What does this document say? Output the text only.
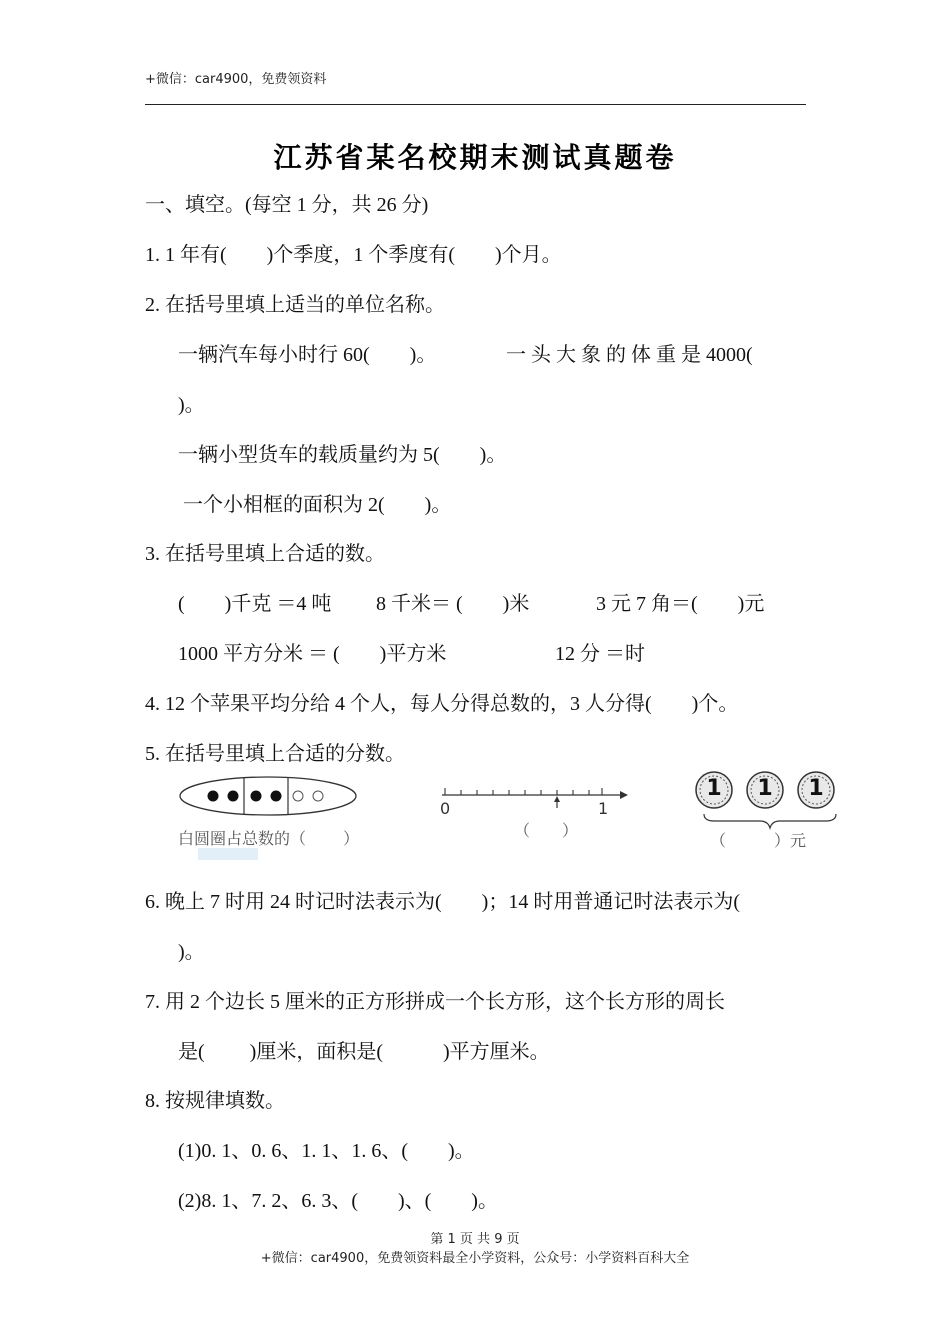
+微信：car4900，免费领资料
江苏省某名校期末测试真题卷
一、填空。(每空 1 分，共 26 分)
1. 1 年有(　　)个季度，1 个季度有(　　)个月。
2. 在括号里填上适当的单位名称。
一辆汽车每小时行 60(　　)。	一 头 大 象 的 体 重 是 4000(
)。
一辆小型货车的载质量约为 5(　　)。
一个小相框的面积为 2(　　)。
3. 在括号里填上合适的数。
(　　)千克 ＝4 吨 8 千米＝ (　　)米	3 元 7 角＝(　　)元
1000 平方分米 ＝ (　　)平方米	12 分 ＝时
4. 12 个苹果平均分给 4 个人，每人分得总数的，3 人分得(　　)个。
5. 在括号里填上合适的分数。
白圆圈占总数的（　　 ）
0	1
（　　）
1	1	1
（　　　）元
6. 晚上 7 时用 24 时记时法表示为(　　)；14 时用普通记时法表示为(
)。
7. 用 2 个边长 5 厘米的正方形拼成一个长方形，这个长方形的周长
是(　　 )厘米，面积是(　　　)平方厘米。
8. 按规律填数。
(1)0. 1、0. 6、1. 1、1. 6、(　　)。
(2)8. 1、7. 2、6. 3、(　　)、(　　)。
第 1 页 共 9 页
+微信：car4900，免费领资料最全小学资料，公众号：小学资料百科大全
